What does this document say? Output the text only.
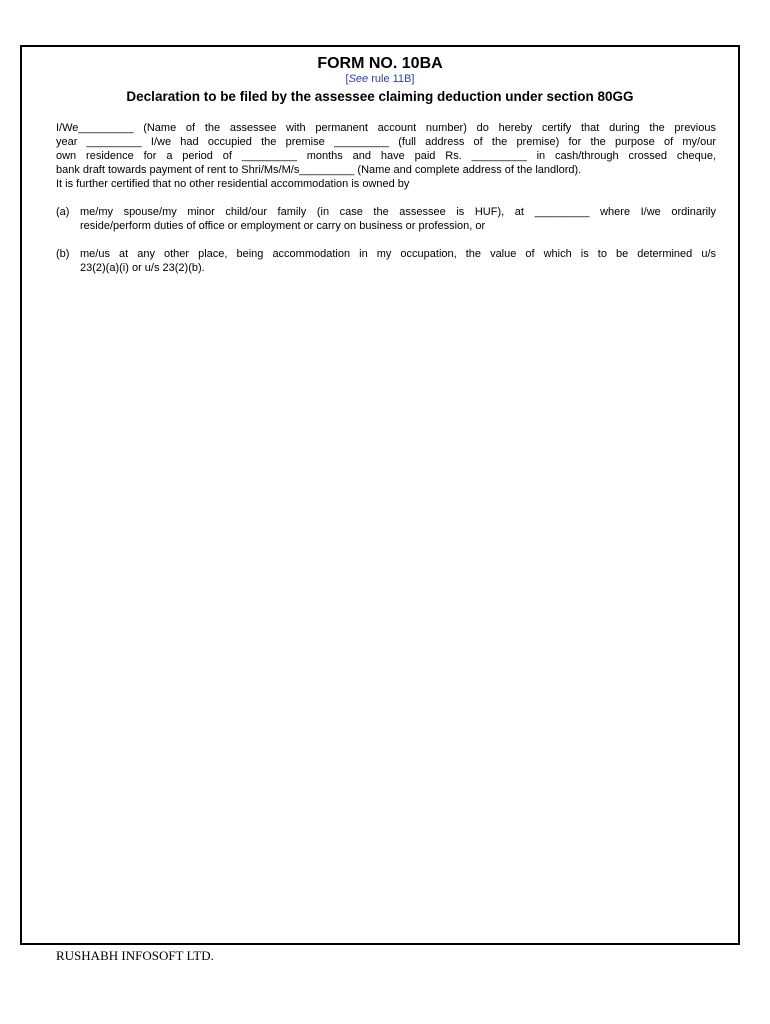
FORM NO. 10BA
[See rule 11B]
Declaration to be filed by the assessee claiming deduction under section 80GG
I/We_________ (Name of the assessee with permanent account number) do hereby certify that during the previous
year _________ I/we had occupied the premise _________ (full address of the premise) for the purpose of my/our
own residence for a period of _________ months and have paid Rs. _________ in cash/through crossed cheque,
bank draft towards payment of rent to Shri/Ms/M/s_________ (Name and complete address of the landlord).
It is further certified that no other residential accommodation is owned by
(a) me/my spouse/my minor child/our family (in case the assessee is HUF), at _________ where I/we ordinarily
reside/perform duties of office or employment or carry on business or profession, or
(b) me/us at any other place, being accommodation in my occupation, the value of which is to be determined u/s
23(2)(a)(i) or u/s 23(2)(b).
RUSHABH INFOSOFT LTD.
